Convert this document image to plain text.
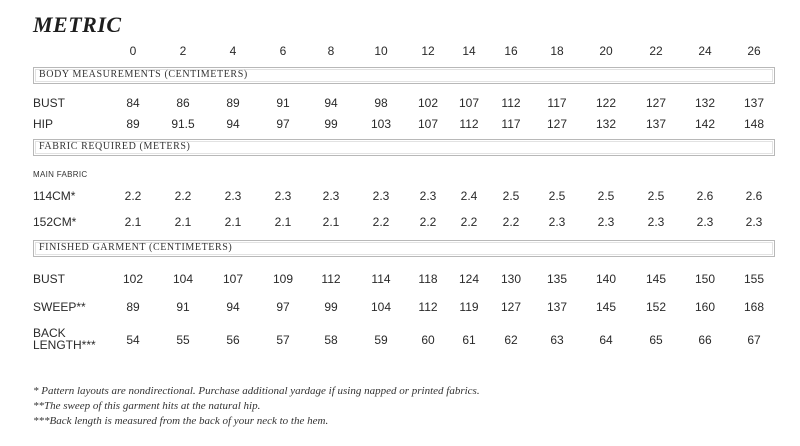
METRIC
0	2	4	6	8	10	12	14	16	18	20	22	24	26
BODY MEASUREMENTS (CENTIMETERS)
BUST	84	86	89	91	94	98	102	107	112	117	122	127	132	137
HIP	89	91.5	94	97	99	103	107	112	117	127	132	137	142	148
FABRIC REQUIRED (METERS)
MAIN FABRIC
114CM*	2.2	2.2	2.3	2.3	2.3	2.3	2.3	2.4	2.5	2.5	2.5	2.5	2.6	2.6
152CM*	2.1	2.1	2.1	2.1	2.1	2.2	2.2	2.2	2.2	2.3	2.3	2.3	2.3	2.3
FINISHED GARMENT (CENTIMETERS)
BUST	102	104	107	109	112	114	118	124	130	135	140	145	150	155
SWEEP**	89	91	94	97	99	104	112	119	127	137	145	152	160	168
BACK
LENGTH***	54	55	56	57	58	59	60	61	62	63	64	65	66	67
* Pattern layouts are nondirectional. Purchase additional yardage if using napped or printed fabrics.
**The sweep of this garment hits at the natural hip.
***Back length is measured from the back of your neck to the hem.
